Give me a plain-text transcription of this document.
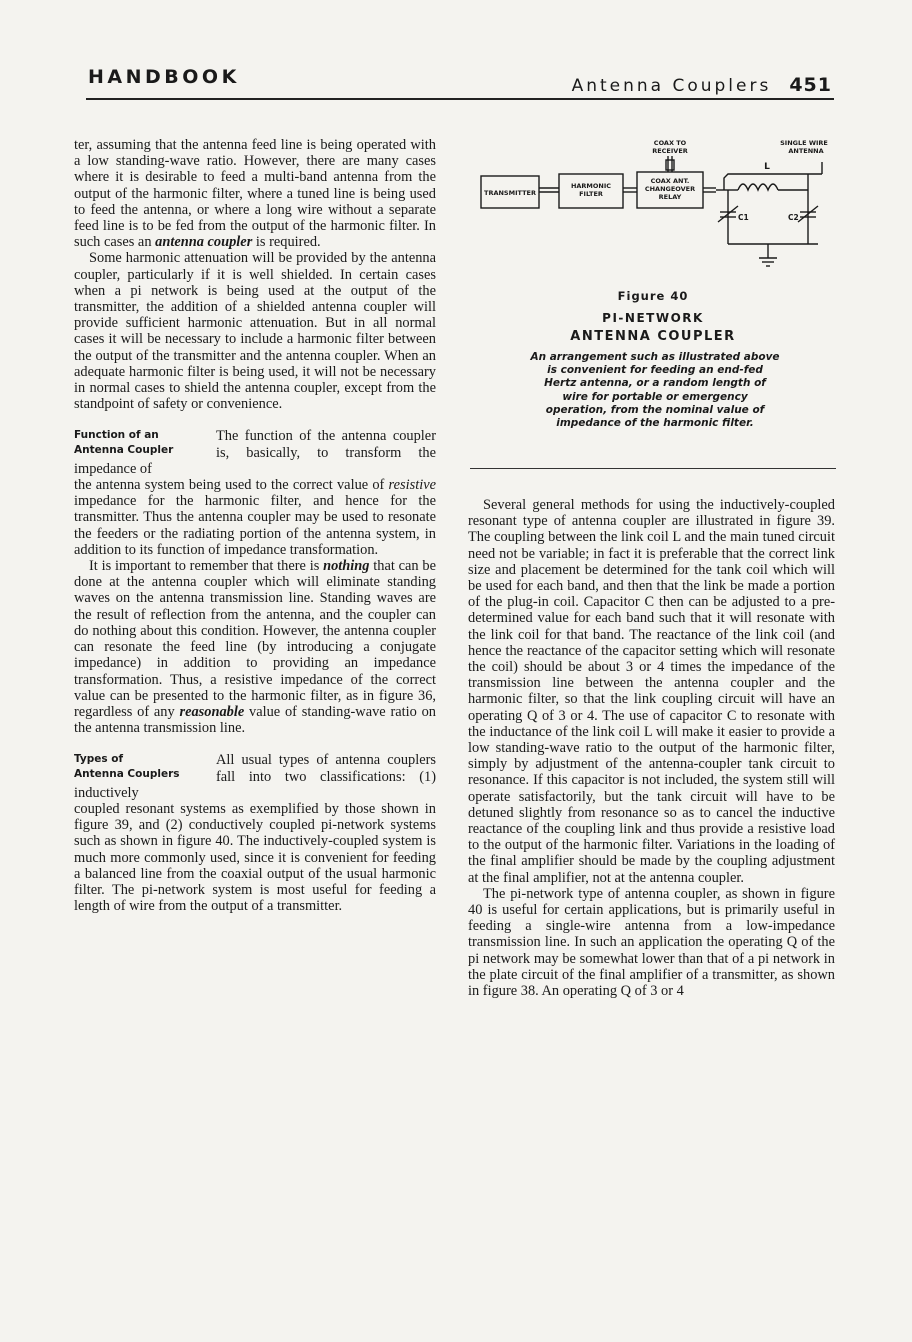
HANDBOOK	Antenna Couplers 451

ter, assuming that the antenna feed line is being operated with a low standing-wave ratio. However, there are many cases where it is desirable to feed a multi-band antenna from the output of the harmonic filter, where a tuned line is being used to feed the antenna, or where a long wire without a separate feed line is to be fed from the output of the harmonic filter. In such cases an antenna coupler is required.

Some harmonic attenuation will be provided by the antenna coupler, particularly if it is well shielded. In certain cases when a pi network is being used at the output of the transmitter, the addition of a shielded antenna coupler will provide sufficient harmonic attenuation. But in all normal cases it will be necessary to include a harmonic filter between the output of the transmitter and the antenna coupler. When an adequate harmonic filter is being used, it will not be necessary in normal cases to shield the antenna coupler, except from the standpoint of safety or convenience.

Function of an
Antenna Coupler
The function of the antenna coupler is, basically, to transform the impedance of

the antenna system being used to the correct value of resistive impedance for the harmonic filter, and hence for the transmitter. Thus the antenna coupler may be used to resonate the feeders or the radiating portion of the antenna system, in addition to its function of impedance transformation.

It is important to remember that there is nothing that can be done at the antenna coupler which will eliminate standing waves on the antenna transmission line. Standing waves are the result of reflection from the antenna, and the coupler can do nothing about this condition. However, the antenna coupler can resonate the feed line (by introducing a conjugate impedance) in addition to providing an impedance transformation. Thus, a resistive impedance of the correct value can be presented to the harmonic filter, as in figure 36, regardless of any reasonable value of standing-wave ratio on the antenna transmission line.

Types of
Antenna Couplers
All usual types of antenna couplers fall into two classifications: (1) inductively

coupled resonant systems as exemplified by those shown in figure 39, and (2) conductively coupled pi-network systems such as shown in figure 40. The inductively-coupled system is much more commonly used, since it is convenient for feeding a balanced line from the coaxial output of the usual harmonic filter. The pi-network system is most useful for feeding a length of wire from the output of a transmitter.

COAX TO
RECEIVER
SINGLE WIRE
ANTENNA
TRANSMITTER
HARMONIC
FILTER
COAX ANT.
CHANGEOVER
RELAY
L
C1	C2
Figure 40
PI-NETWORK
ANTENNA COUPLER
An arrangement such as illustrated above is convenient for feeding an end-fed Hertz antenna, or a random length of wire for portable or emergency operation, from the nominal value of impedance of the harmonic filter.

Several general methods for using the inductively-coupled resonant type of antenna coupler are illustrated in figure 39. The coupling between the link coil L and the main tuned circuit need not be variable; in fact it is preferable that the correct link size and placement be determined for the tank coil which will be used for each band, and then that the link be made a portion of the plug-in coil. Capacitor C then can be adjusted to a pre-determined value for each band such that it will resonate with the link coil for that band. The reactance of the link coil (and hence the reactance of the capacitor setting which will resonate the coil) should be about 3 or 4 times the impedance of the transmission line between the antenna coupler and the harmonic filter, so that the link coupling circuit will have an operating Q of 3 or 4. The use of capacitor C to resonate with the inductance of the link coil L will make it easier to provide a low standing-wave ratio to the output of the harmonic filter, simply by adjustment of the antenna-coupler tank circuit to resonance. If this capacitor is not included, the system still will operate satisfactorily, but the tank circuit will have to be detuned slightly from resonance so as to cancel the inductive reactance of the coupling link and thus provide a resistive load to the output of the harmonic filter. Variations in the loading of the final amplifier should be made by the coupling adjustment at the final amplifier, not at the antenna coupler.

The pi-network type of antenna coupler, as shown in figure 40 is useful for certain applications, but is primarily useful in feeding a single-wire antenna from a low-impedance transmission line. In such an application the operating Q of the pi network may be somewhat lower than that of a pi network in the plate circuit of the final amplifier of a transmitter, as shown in figure 38. An operating Q of 3 or 4
